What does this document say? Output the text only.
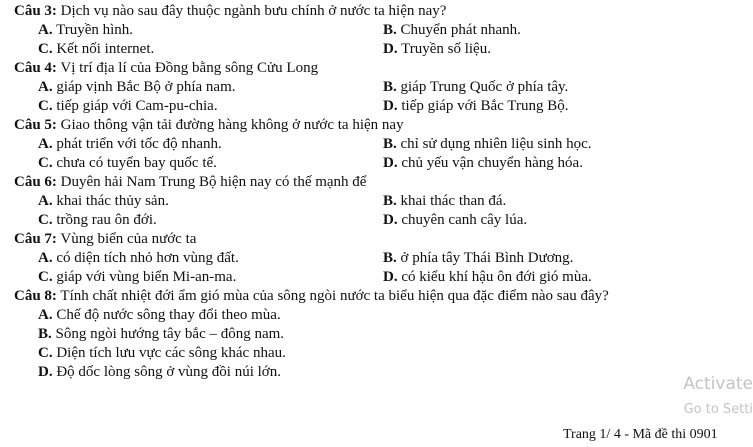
Câu 3: Dịch vụ nào sau đây thuộc ngành bưu chính ở nước ta hiện nay?
A. Truyền hình.	B. Chuyển phát nhanh.
C. Kết nối internet.	D. Truyền số liệu.
Câu 4: Vị trí địa lí của Đồng bằng sông Cửu Long
A. giáp vịnh Bắc Bộ ở phía nam.	B. giáp Trung Quốc ở phía tây.
C. tiếp giáp với Cam-pu-chia.	D. tiếp giáp với Bắc Trung Bộ.
Câu 5: Giao thông vận tải đường hàng không ở nước ta hiện nay
A. phát triển với tốc độ nhanh.	B. chỉ sử dụng nhiên liệu sinh học.
C. chưa có tuyến bay quốc tế.	D. chủ yếu vận chuyển hàng hóa.
Câu 6: Duyên hải Nam Trung Bộ hiện nay có thế mạnh để
A. khai thác thủy sản.	B. khai thác than đá.
C. trồng rau ôn đới.	D. chuyên canh cây lúa.
Câu 7: Vùng biển của nước ta
A. có diện tích nhỏ hơn vùng đất.	B. ở phía tây Thái Bình Dương.
C. giáp với vùng biển Mi-an-ma.	D. có kiểu khí hậu ôn đới gió mùa.
Câu 8: Tính chất nhiệt đới ẩm gió mùa của sông ngòi nước ta biểu hiện qua đặc điểm nào sau đây?
A. Chế độ nước sông thay đổi theo mùa.
B. Sông ngòi hướng tây bắc – đông nam.
C. Diện tích lưu vực các sông khác nhau.
D. Độ dốc lòng sông ở vùng đồi núi lớn.
Activate
Go to Setti
Trang 1/ 4 - Mã đề thi 0901
